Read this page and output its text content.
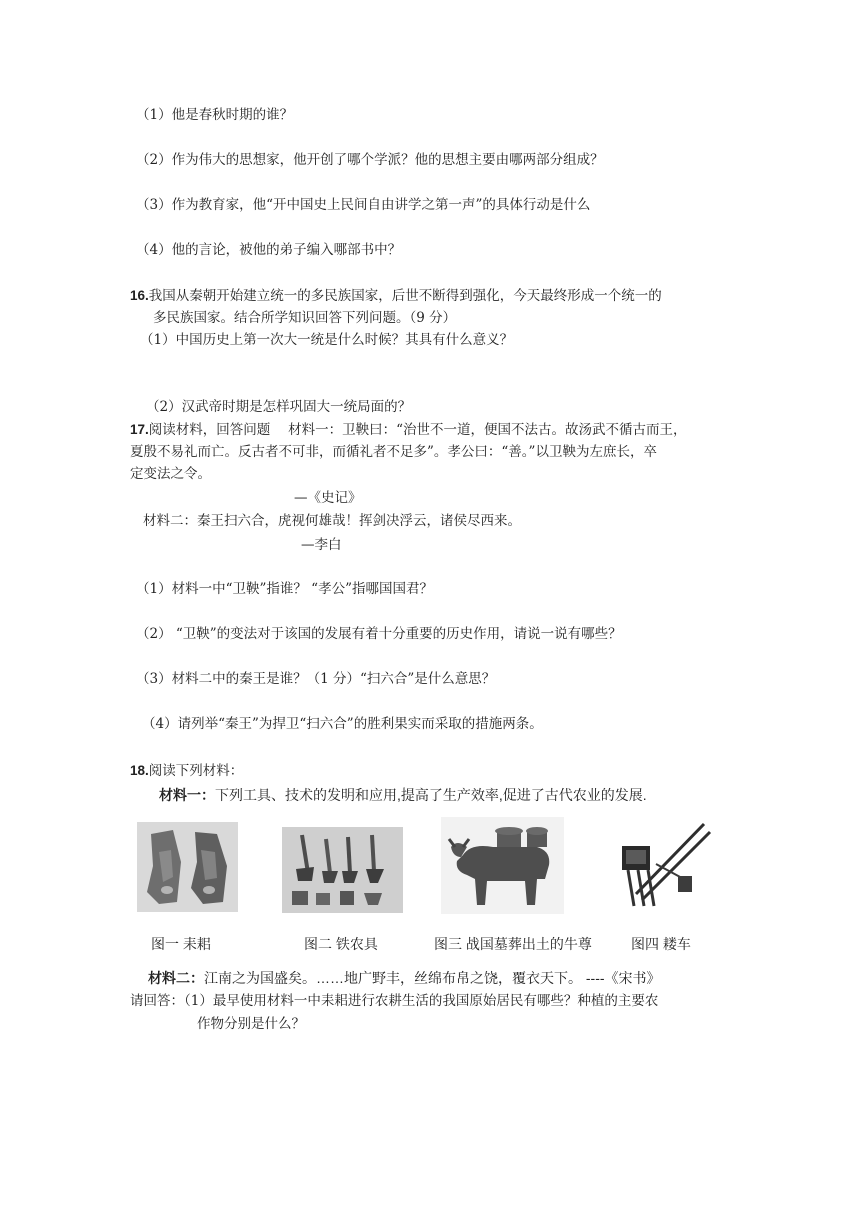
（1）他是春秋时期的谁？
（2）作为伟大的思想家，他开创了哪个学派？他的思想主要由哪两部分组成？
（3）作为教育家，他“开中国史上民间自由讲学之第一声”的具体行动是什么
（4）他的言论，被他的弟子编入哪部书中？
16.我国从秦朝开始建立统一的多民族国家，后世不断得到强化，今天最终形成一个统一的
多民族国家。结合所学知识回答下列问题。（9 分）
（1）中国历史上第一次大一统是什么时候？其具有什么意义？
（2）汉武帝时期是怎样巩固大一统局面的？
17.阅读材料，回答问题　 材料一：卫鞅曰：“治世不一道，便国不法古。故汤武不循古而王，
夏殷不易礼而亡。反古者不可非，而循礼者不足多”。孝公曰：“善。”以卫鞅为左庶长，卒
定变法之令。
—《史记》
材料二：秦王扫六合，虎视何雄哉！挥剑决浮云，诸侯尽西来。
—李白
（1）材料一中“卫鞅”指谁？ “孝公”指哪国国君？
（2） “卫鞅”的变法对于该国的发展有着十分重要的历史作用，请说一说有哪些？
（3）材料二中的秦王是谁？（1 分）“扫六合”是什么意思？
（4）请列举“秦王”为捍卫“扫六合”的胜利果实而采取的措施两条。
18.阅读下列材料：
材料一：下列工具、技术的发明和应用,提高了生产效率,促进了古代农业的发展.
图一 耒耜	图二 铁农具	图三 战国墓葬出土的牛尊	图四 耧车
材料二：江南之为国盛矣。……地广野丰，丝绵布帛之饶，覆衣天下。 ----《宋书》
请回答：（1）最早使用材料一中耒耜进行农耕生活的我国原始居民有哪些？种植的主要农
作物分别是什么？
